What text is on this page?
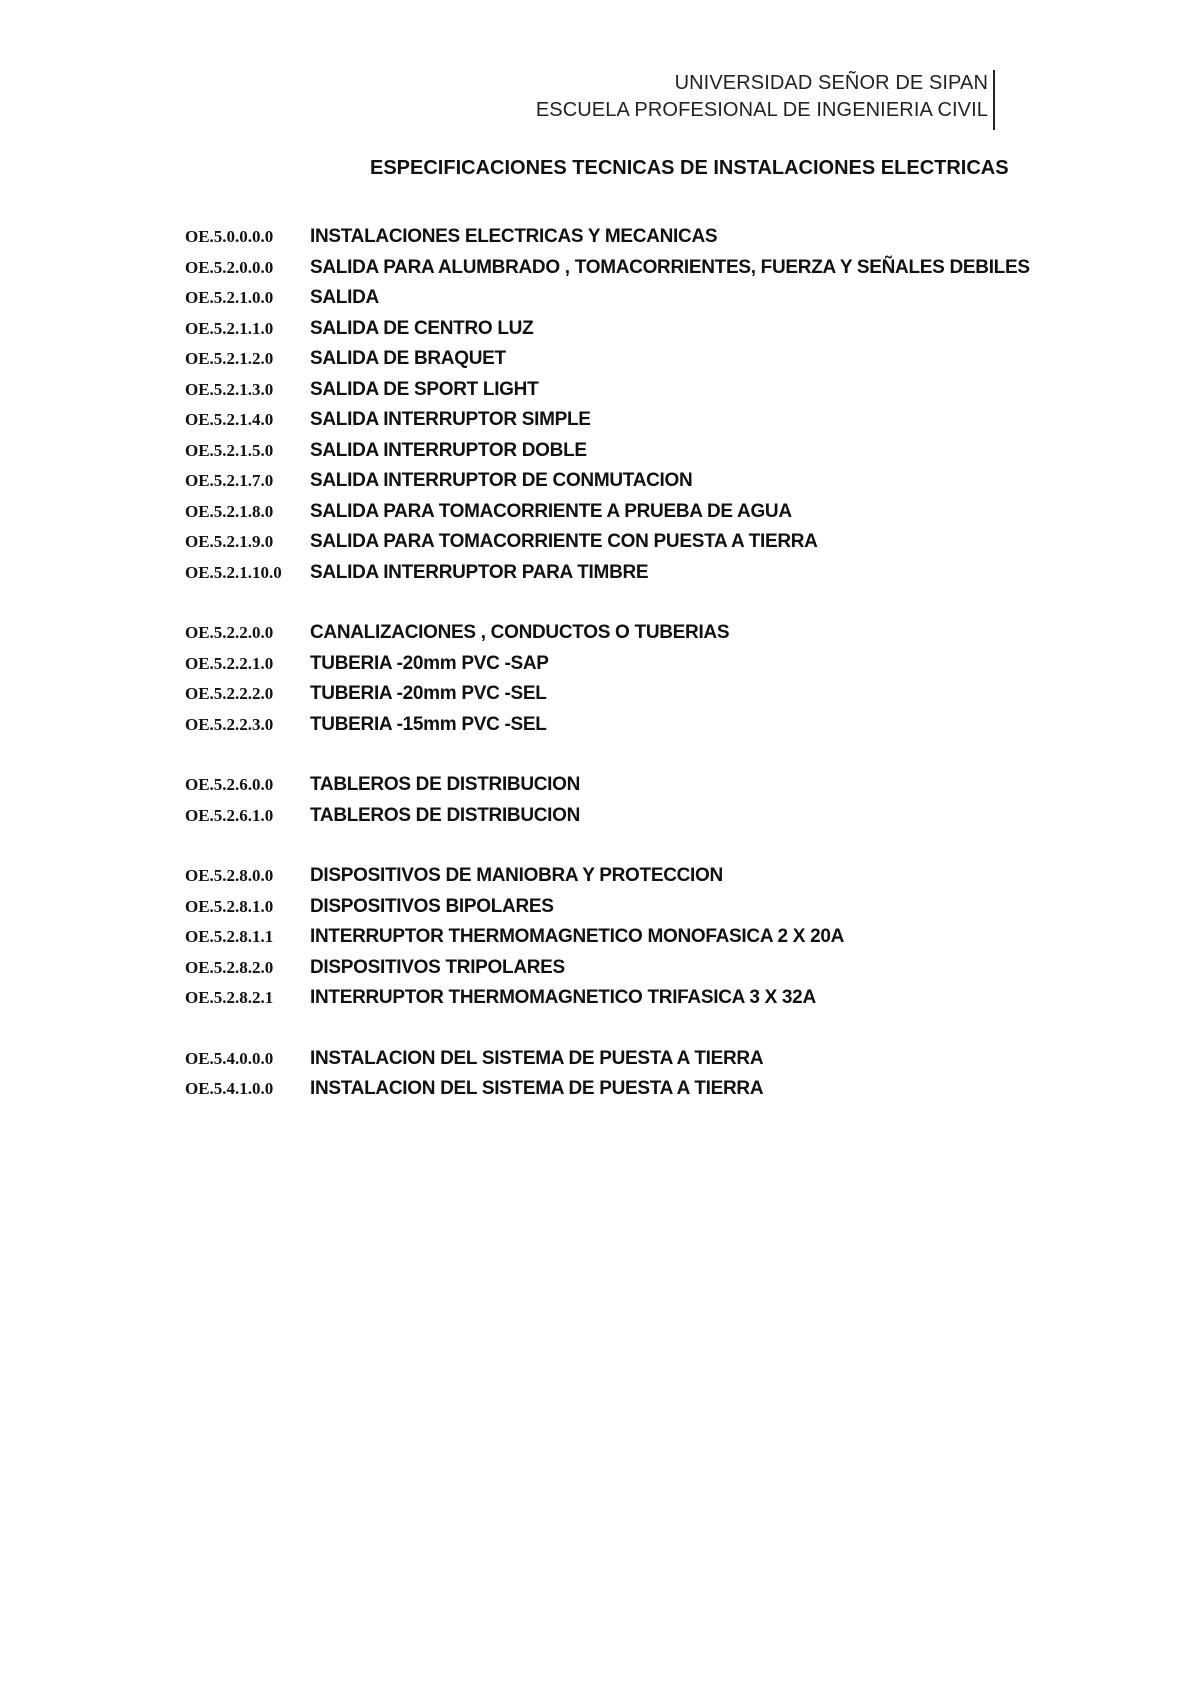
UNIVERSIDAD SEÑOR DE SIPAN
ESCUELA PROFESIONAL DE INGENIERIA CIVIL
ESPECIFICACIONES TECNICAS DE INSTALACIONES ELECTRICAS
OE.5.0.0.0.0	INSTALACIONES ELECTRICAS Y MECANICAS
OE.5.2.0.0.0	SALIDA PARA ALUMBRADO , TOMACORRIENTES, FUERZA Y SEÑALES DEBILES
OE.5.2.1.0.0	SALIDA
OE.5.2.1.1.0	SALIDA DE CENTRO LUZ
OE.5.2.1.2.0	SALIDA DE BRAQUET
OE.5.2.1.3.0	SALIDA DE SPORT LIGHT
OE.5.2.1.4.0	SALIDA INTERRUPTOR SIMPLE
OE.5.2.1.5.0	SALIDA INTERRUPTOR DOBLE
OE.5.2.1.7.0	SALIDA INTERRUPTOR DE CONMUTACION
OE.5.2.1.8.0	SALIDA PARA TOMACORRIENTE A PRUEBA DE AGUA
OE.5.2.1.9.0	SALIDA PARA TOMACORRIENTE CON PUESTA A TIERRA
OE.5.2.1.10.0	SALIDA INTERRUPTOR PARA TIMBRE
OE.5.2.2.0.0	CANALIZACIONES , CONDUCTOS O TUBERIAS
OE.5.2.2.1.0	TUBERIA -20mm PVC -SAP
OE.5.2.2.2.0	TUBERIA -20mm PVC -SEL
OE.5.2.2.3.0	TUBERIA -15mm PVC -SEL
OE.5.2.6.0.0	TABLEROS DE DISTRIBUCION
OE.5.2.6.1.0	TABLEROS DE DISTRIBUCION
OE.5.2.8.0.0	DISPOSITIVOS DE MANIOBRA Y PROTECCION
OE.5.2.8.1.0	DISPOSITIVOS BIPOLARES
OE.5.2.8.1.1	INTERRUPTOR THERMOMAGNETICO MONOFASICA 2 X 20A
OE.5.2.8.2.0	DISPOSITIVOS TRIPOLARES
OE.5.2.8.2.1	INTERRUPTOR THERMOMAGNETICO TRIFASICA 3 X 32A
OE.5.4.0.0.0	INSTALACION DEL SISTEMA DE PUESTA A TIERRA
OE.5.4.1.0.0	INSTALACION DEL SISTEMA DE PUESTA A TIERRA
